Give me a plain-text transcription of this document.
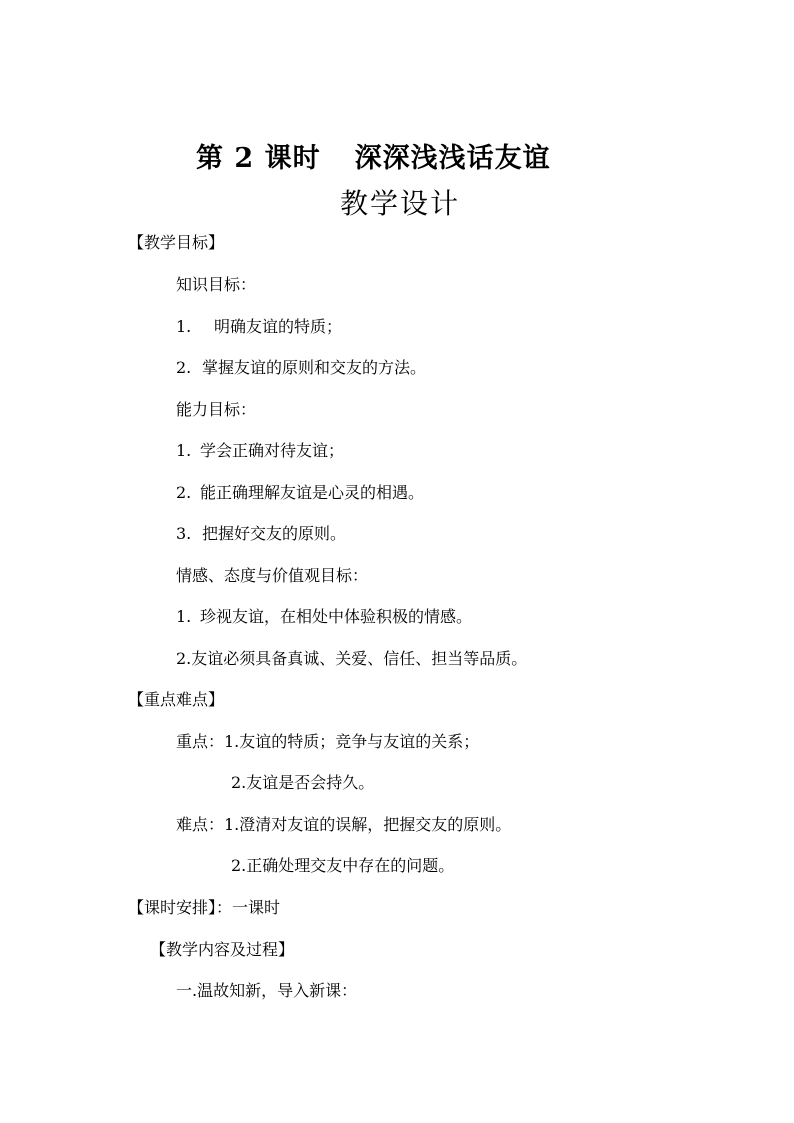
第 2 课时 深深浅浅话友谊
教学设计
【教学目标】
知识目标：
1. 明确友谊的特质；
2. 掌握友谊的原则和交友的方法。
能力目标：
1. 学会正确对待友谊；
2. 能正确理解友谊是心灵的相遇。
3. 把握好交友的原则。
情感、态度与价值观目标：
1. 珍视友谊，在相处中体验积极的情感。
2.友谊必须具备真诚、关爱、信任、担当等品质。
【重点难点】
重点：1.友谊的特质；竞争与友谊的关系；
2.友谊是否会持久。
难点：1.澄清对友谊的误解，把握交友的原则。
2.正确处理交友中存在的问题。
【课时安排】：一课时
【教学内容及过程】
一.温故知新，导入新课：
